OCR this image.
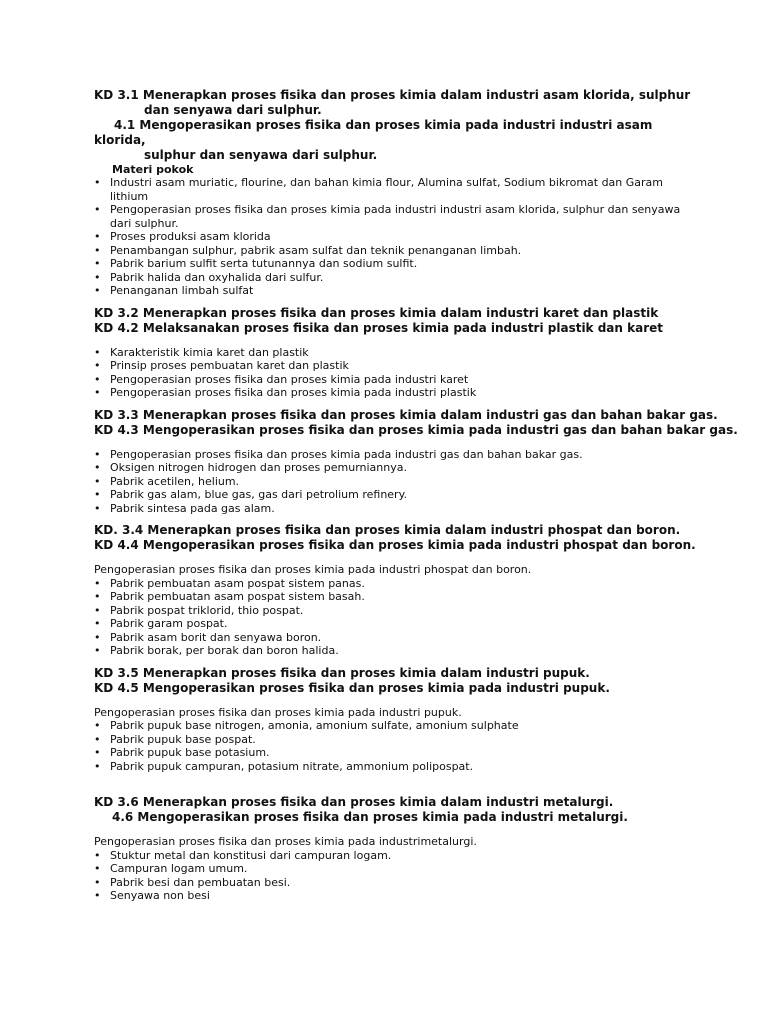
KD 3.1 Menerapkan proses fisika dan proses kimia dalam industri asam klorida, sulphur
dan senyawa dari sulphur.
4.1 Mengoperasikan proses fisika dan proses kimia pada industri industri asam
klorida,
sulphur dan senyawa dari sulphur.
Materi pokok
• Industri asam muriatic, flourine, dan bahan kimia flour, Alumina sulfat, Sodium bikromat dan Garam lithium
• Pengoperasian proses fisika dan proses kimia pada industri industri asam klorida, sulphur dan senyawa dari sulphur.
• Proses produksi asam klorida
• Penambangan sulphur, pabrik asam sulfat dan teknik penanganan limbah.
• Pabrik barium sulfit serta tutunannya dan sodium sulfit.
• Pabrik halida dan oxyhalida dari sulfur.
• Penanganan limbah sulfat
KD 3.2 Menerapkan proses fisika dan proses kimia dalam industri karet dan plastik
KD 4.2 Melaksanakan proses fisika dan proses kimia pada industri plastik dan karet
• Karakteristik kimia karet dan plastik
• Prinsip proses pembuatan karet dan plastik
• Pengoperasian proses fisika dan proses kimia pada industri karet
• Pengoperasian proses fisika dan proses kimia pada industri plastik
KD 3.3 Menerapkan proses fisika dan proses kimia dalam industri gas dan bahan bakar gas.
KD 4.3 Mengoperasikan proses fisika dan proses kimia pada industri gas dan bahan bakar gas.
• Pengoperasian proses fisika dan proses kimia pada industri gas dan bahan bakar gas.
• Oksigen nitrogen hidrogen dan proses pemurniannya.
• Pabrik acetilen, helium.
• Pabrik gas alam, blue gas, gas dari petrolium refinery.
• Pabrik sintesa pada gas alam.
KD. 3.4 Menerapkan proses fisika dan proses kimia dalam industri phospat dan boron.
KD 4.4 Mengoperasikan proses fisika dan proses kimia pada industri phospat dan boron.
Pengoperasian proses fisika dan proses kimia pada industri phospat dan boron.
• Pabrik pembuatan asam pospat sistem panas.
• Pabrik pembuatan asam pospat sistem basah.
• Pabrik pospat triklorid, thio pospat.
• Pabrik garam pospat.
• Pabrik asam borit dan senyawa boron.
• Pabrik borak, per borak dan boron halida.
KD 3.5 Menerapkan proses fisika dan proses kimia dalam industri pupuk.
KD 4.5 Mengoperasikan proses fisika dan proses kimia pada industri pupuk.
Pengoperasian proses fisika dan proses kimia pada industri pupuk.
• Pabrik pupuk base nitrogen, amonia, amonium sulfate, amonium sulphate
• Pabrik pupuk base pospat.
• Pabrik pupuk base potasium.
• Pabrik pupuk campuran, potasium nitrate, ammonium polipospat.
KD 3.6 Menerapkan proses fisika dan proses kimia dalam industri metalurgi.
4.6 Mengoperasikan proses fisika dan proses kimia pada industri metalurgi.
Pengoperasian proses fisika dan proses kimia pada industrimetalurgi.
• Stuktur metal dan konstitusi dari campuran logam.
• Campuran logam umum.
• Pabrik besi dan pembuatan besi.
• Senyawa non besi
